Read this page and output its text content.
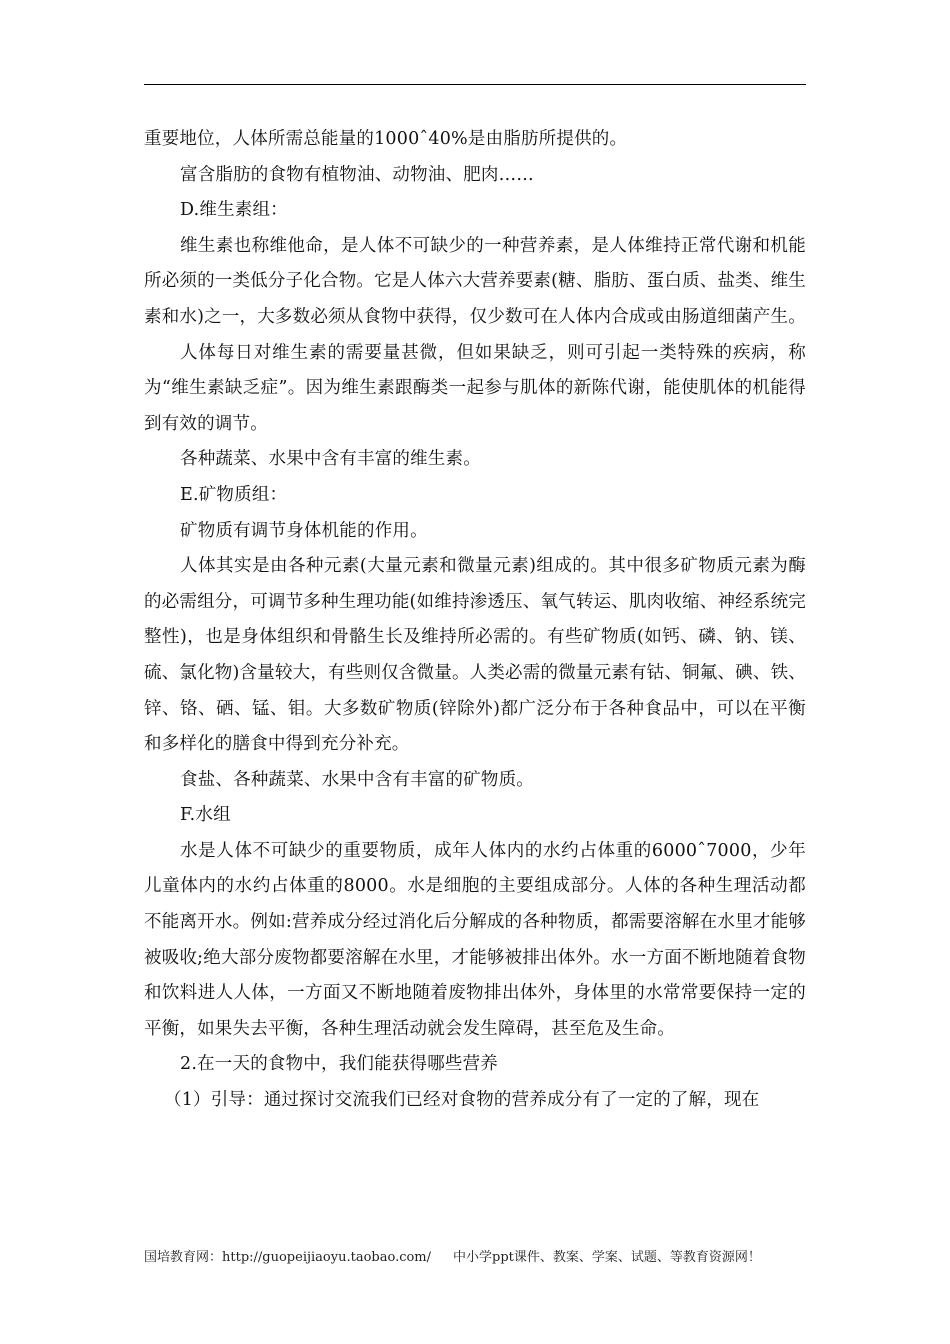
重要地位，人体所需总能量的1000ˆ40%是由脂肪所提供的。

富含脂肪的食物有植物油、动物油、肥肉……

D.维生素组：

维生素也称维他命，是人体不可缺少的一种营养素，是人体维持正常代谢和机能所必须的一类低分子化合物。它是人体六大营养要素(糖、脂肪、蛋白质、盐类、维生素和水)之一，大多数必须从食物中获得，仅少数可在人体内合成或由肠道细菌产生。

人体每日对维生素的需要量甚微，但如果缺乏，则可引起一类特殊的疾病，称为“维生素缺乏症”。因为维生素跟酶类一起参与肌体的新陈代谢，能使肌体的机能得到有效的调节。

各种蔬菜、水果中含有丰富的维生素。

E.矿物质组：

矿物质有调节身体机能的作用。

人体其实是由各种元素(大量元素和微量元素)组成的。其中很多矿物质元素为酶的必需组分，可调节多种生理功能(如维持渗透压、氧气转运、肌肉收缩、神经系统完整性)，也是身体组织和骨骼生长及维持所必需的。有些矿物质(如钙、磷、钠、镁、硫、氯化物)含量较大，有些则仅含微量。人类必需的微量元素有钴、铜氟、碘、铁、锌、铬、硒、锰、钼。大多数矿物质(锌除外)都广泛分布于各种食品中，可以在平衡和多样化的膳食中得到充分补充。

食盐、各种蔬菜、水果中含有丰富的矿物质。

F.水组

水是人体不可缺少的重要物质，成年人体内的水约占体重的6000ˆ7000，少年儿童体内的水约占体重的8000。水是细胞的主要组成部分。人体的各种生理活动都不能离开水。例如:营养成分经过消化后分解成的各种物质，都需要溶解在水里才能够被吸收;绝大部分废物都要溶解在水里，才能够被排出体外。水一方面不断地随着食物和饮料进人人体，一方面又不断地随着废物排出体外，身体里的水常常要保持一定的平衡，如果失去平衡，各种生理活动就会发生障碍，甚至危及生命。

2.在一天的食物中，我们能获得哪些营养

（1）引导：通过探讨交流我们已经对食物的营养成分有了一定的了解，现在

国培教育网：http://guopeijiaoyu.taobao.com/ 中小学ppt课件、教案、学案、试题、等教育资源网！
